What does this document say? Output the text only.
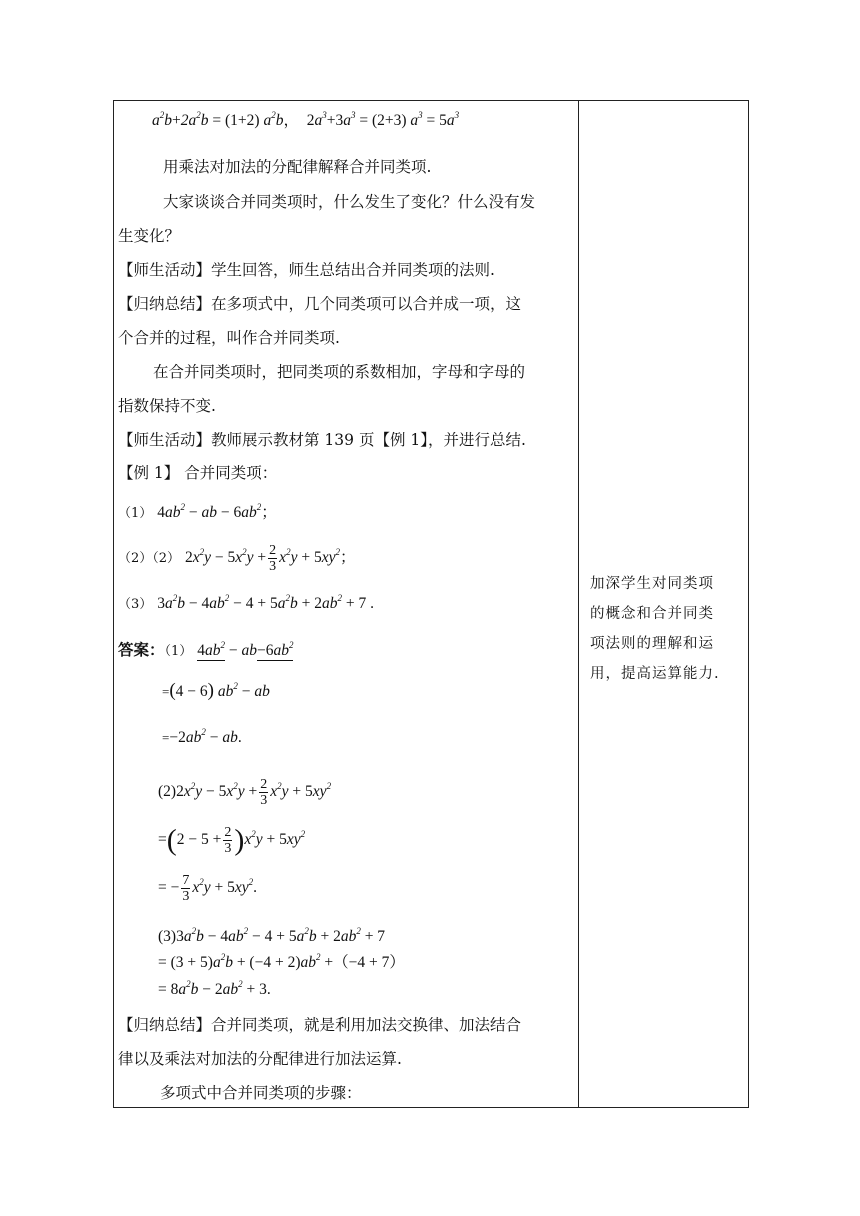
$a^2b+2a^2b = (1+2)$ $a^2b$， $2a^3+3a^3 = (2+3) a^3 = 5a^3$
用乘法对加法的分配律解释合并同类项.
大家谈谈合并同类项时，什么发生了变化？什么没有发
生变化？
【师生活动】学生回答，师生总结出合并同类项的法则.
【归纳总结】在多项式中，几个同类项可以合并成一项，这
个合并的过程，叫作合并同类项.
在合并同类项时，把同类项的系数相加，字母和字母的
指数保持不变.
【师生活动】教师展示教材第 139 页【例 1】，并进行总结.
【例 1】 合并同类项：
（1） $4ab^2$ − ab − $6ab^2$；
（2）（2） $2x^2y - 5x^2y + \frac{2}{3} x^2y + 5xy^2$；
（3） $3a^2b - 4ab^2 - 4 + 5a^2b + 2ab^2 + 7$ .
答案：（1） $4ab^2 - ab-6ab^2$
=(4 − 6) $ab^2$ − ab
$=-2ab^2$ − ab.
$(2)2x^2y - 5x^2y + \frac{2}{3} x^2y + 5xy^2$
$=(2 - 5 + \frac{2}{3} )x^2y + 5xy^2$
= − $\frac{7}{3} x^2y + 5xy^2$.
$(3)3a^2b - 4ab^2 - 4 + 5a^2b + 2ab^2 + 7$
= $(3 + 5)a^2b + (-4 + 2)ab^2 +(-4 + 7)$
= $8a^2b - 2ab^2 + 3$.
【归纳总结】合并同类项，就是利用加法交换律、加法结合
律以及乘法对加法的分配律进行加法运算.
多项式中合并同类项的步骤：
加深学生对同类项
的概念和合并同类
项法则的理解和运
用，提高运算能力.
